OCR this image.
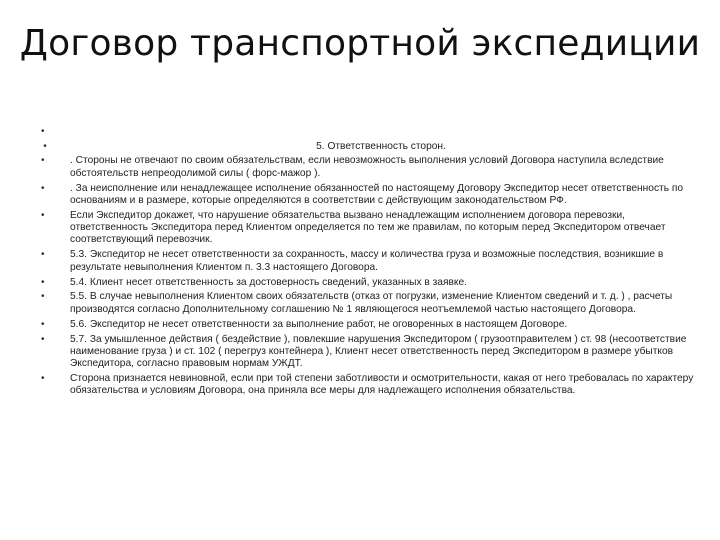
Договор транспортной экспедиции
•
•	5. Ответственность сторон.
•	. Стороны не отвечают по своим обязательствам, если невозможность выполнения условий Договора наступила вследствие обстоятельств непреодолимой силы ( форс-мажор ).
•	. За неисполнение или ненадлежащее исполнение обязанностей по настоящему Договору Экспедитор несет ответственность по основаниям и в размере, которые определяются в соответствии с действующим законодательством РФ.
•	Если Экспедитор докажет, что нарушение обязательства вызвано ненадлежащим исполнением договора перевозки, ответственность Экспедитора перед Клиентом определяется по тем же правилам, по которым перед Экспедитором отвечает соответствующий перевозчик.
•	5.3. Экспедитор не несет ответственности за сохранность, массу и количества груза и возможные последствия, возникшие в результате невыполнения Клиентом п. 3.3 настоящего Договора.
•	5.4. Клиент несет ответственность за достоверность сведений, указанных в заявке.
•	5.5. В случае невыполнения Клиентом своих обязательств (отказ от погрузки, изменение Клиентом сведений и т. д. ) , расчеты производятся согласно Дополнительному соглашению № 1 являющегося неотъемлемой частью настоящего Договора.
•	5.6. Экспедитор не несет ответственности за выполнение работ, не оговоренных в настоящем Договоре.
•	5.7. За умышленное действия ( бездействие ), повлекшие нарушения Экспедитором ( грузоотправителем ) ст. 98 (несоответствие наименование груза ) и ст. 102 ( перегруз контейнера ), Клиент несет ответственность перед Экспедитором в размере убытков Экспедитора, согласно правовым нормам УЖДТ.
•	Сторона признается невиновной, если при той степени заботливости и осмотрительности, какая от него требовалась по характеру обязательства и условиям Договора, она приняла все меры для надлежащего исполнения обязательства.
